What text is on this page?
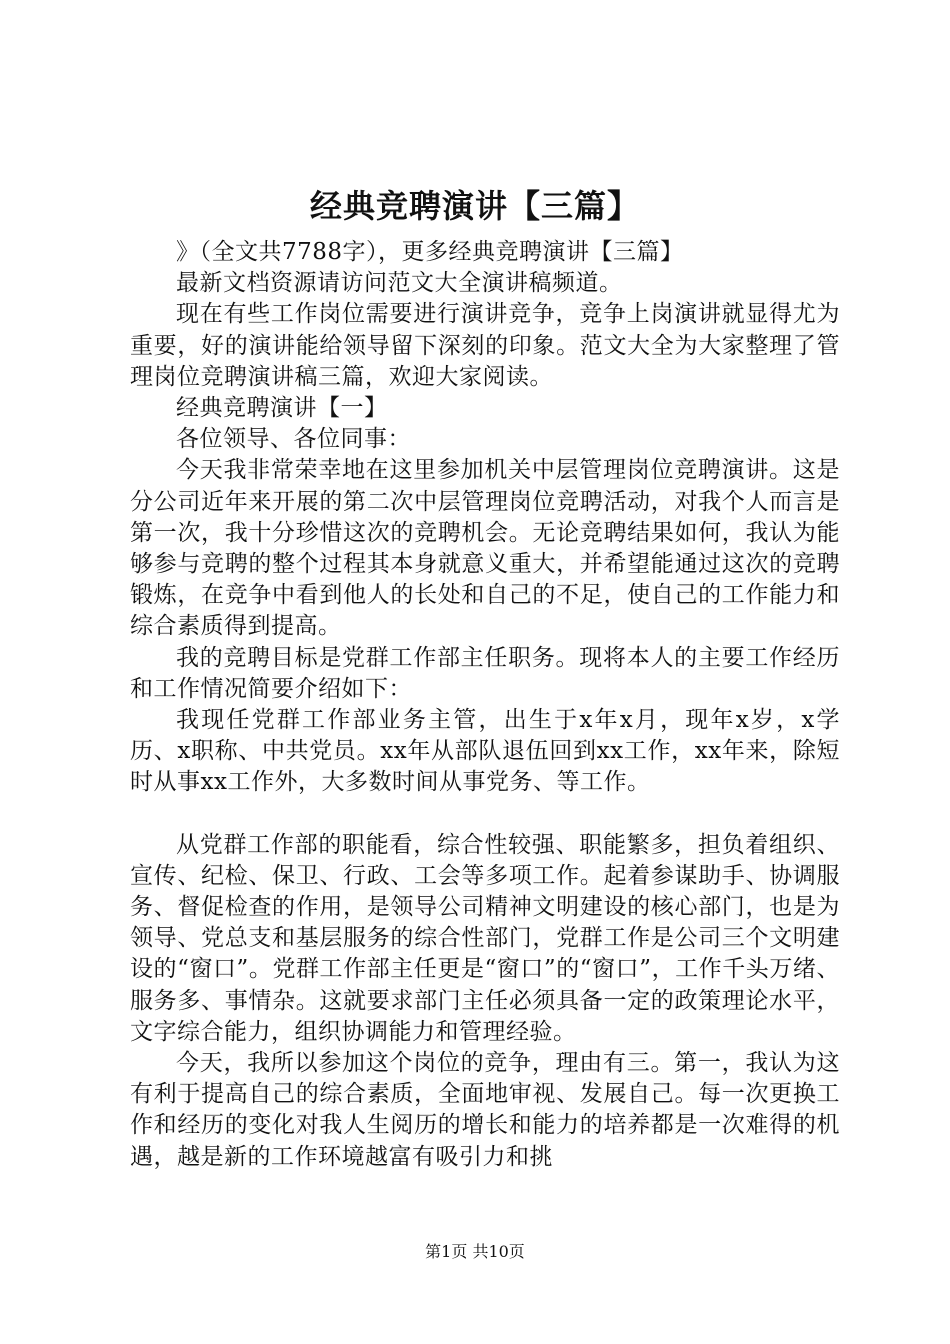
经典竞聘演讲【三篇】

》（全文共7788字），更多经典竞聘演讲【三篇】

最新文档资源请访问范文大全演讲稿频道。

现在有些工作岗位需要进行演讲竞争，竞争上岗演讲就显得尤为重要，好的演讲能给领导留下深刻的印象。范文大全为大家整理了管理岗位竞聘演讲稿三篇，欢迎大家阅读。

经典竞聘演讲【一】

各位领导、各位同事：

今天我非常荣幸地在这里参加机关中层管理岗位竞聘演讲。这是分公司近年来开展的第二次中层管理岗位竞聘活动，对我个人而言是第一次，我十分珍惜这次的竞聘机会。无论竞聘结果如何，我认为能够参与竞聘的整个过程其本身就意义重大，并希望能通过这次的竞聘锻炼，在竞争中看到他人的长处和自己的不足，使自己的工作能力和综合素质得到提高。

我的竞聘目标是党群工作部主任职务。现将本人的主要工作经历和工作情况简要介绍如下：

我现任党群工作部业务主管，出生于x年x月，现年x岁，x学历、x职称、中共党员。xx年从部队退伍回到xx工作，xx年来，除短时从事xx工作外，大多数时间从事党务、等工作。

从党群工作部的职能看，综合性较强、职能繁多，担负着组织、宣传、纪检、保卫、行政、工会等多项工作。起着参谋助手、协调服务、督促检查的作用，是领导公司精神文明建设的核心部门，也是为领导、党总支和基层服务的综合性部门，党群工作是公司三个文明建设的“窗口”。党群工作部主任更是“窗口”的“窗口”，工作千头万绪、服务多、事情杂。这就要求部门主任必须具备一定的政策理论水平，文字综合能力，组织协调能力和管理经验。

今天，我所以参加这个岗位的竞争，理由有三。第一，我认为这有利于提高自己的综合素质，全面地审视、发展自己。每一次更换工作和经历的变化对我人生阅历的增长和能力的培养都是一次难得的机遇，越是新的工作环境越富有吸引力和挑

第1页 共10页
